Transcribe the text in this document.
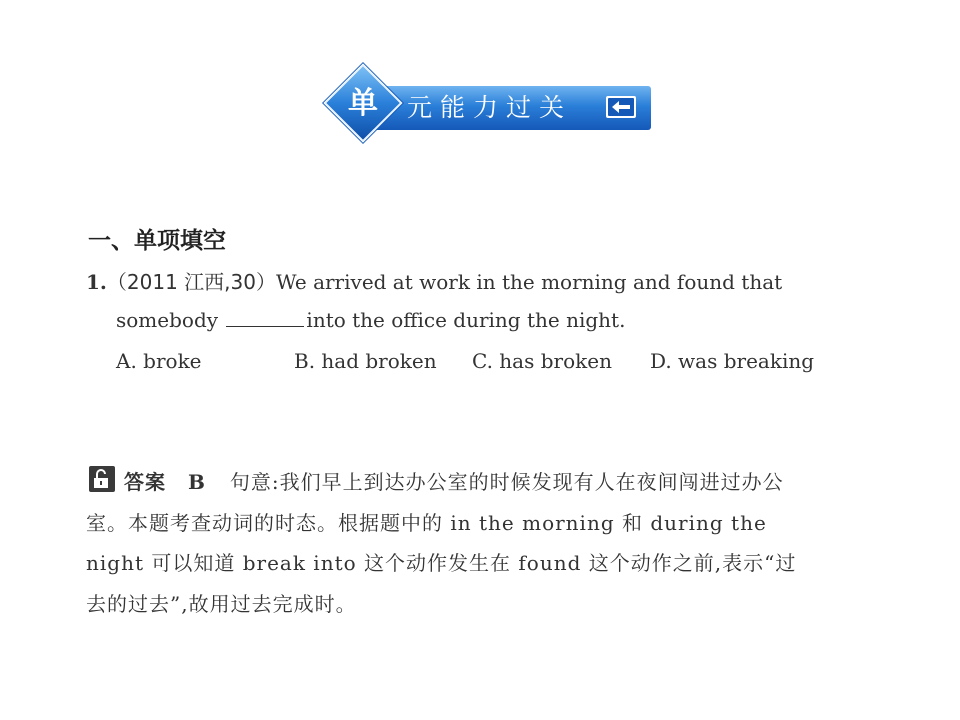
单	元能力过关
一、单项填空
1.（2011 江西,30）We arrived at work in the morning and found that
somebody	into the office during the night.
A. broke	B. had broken C. has broken D. was breaking
答案 B 句意:我们早上到达办公室的时候发现有人在夜间闯进过办公室。本题考查动词的时态。根据题中的 in the morning 和 during the night 可以知道 break into 这个动作发生在 found 这个动作之前,表示“过去的过去”,故用过去完成时。
